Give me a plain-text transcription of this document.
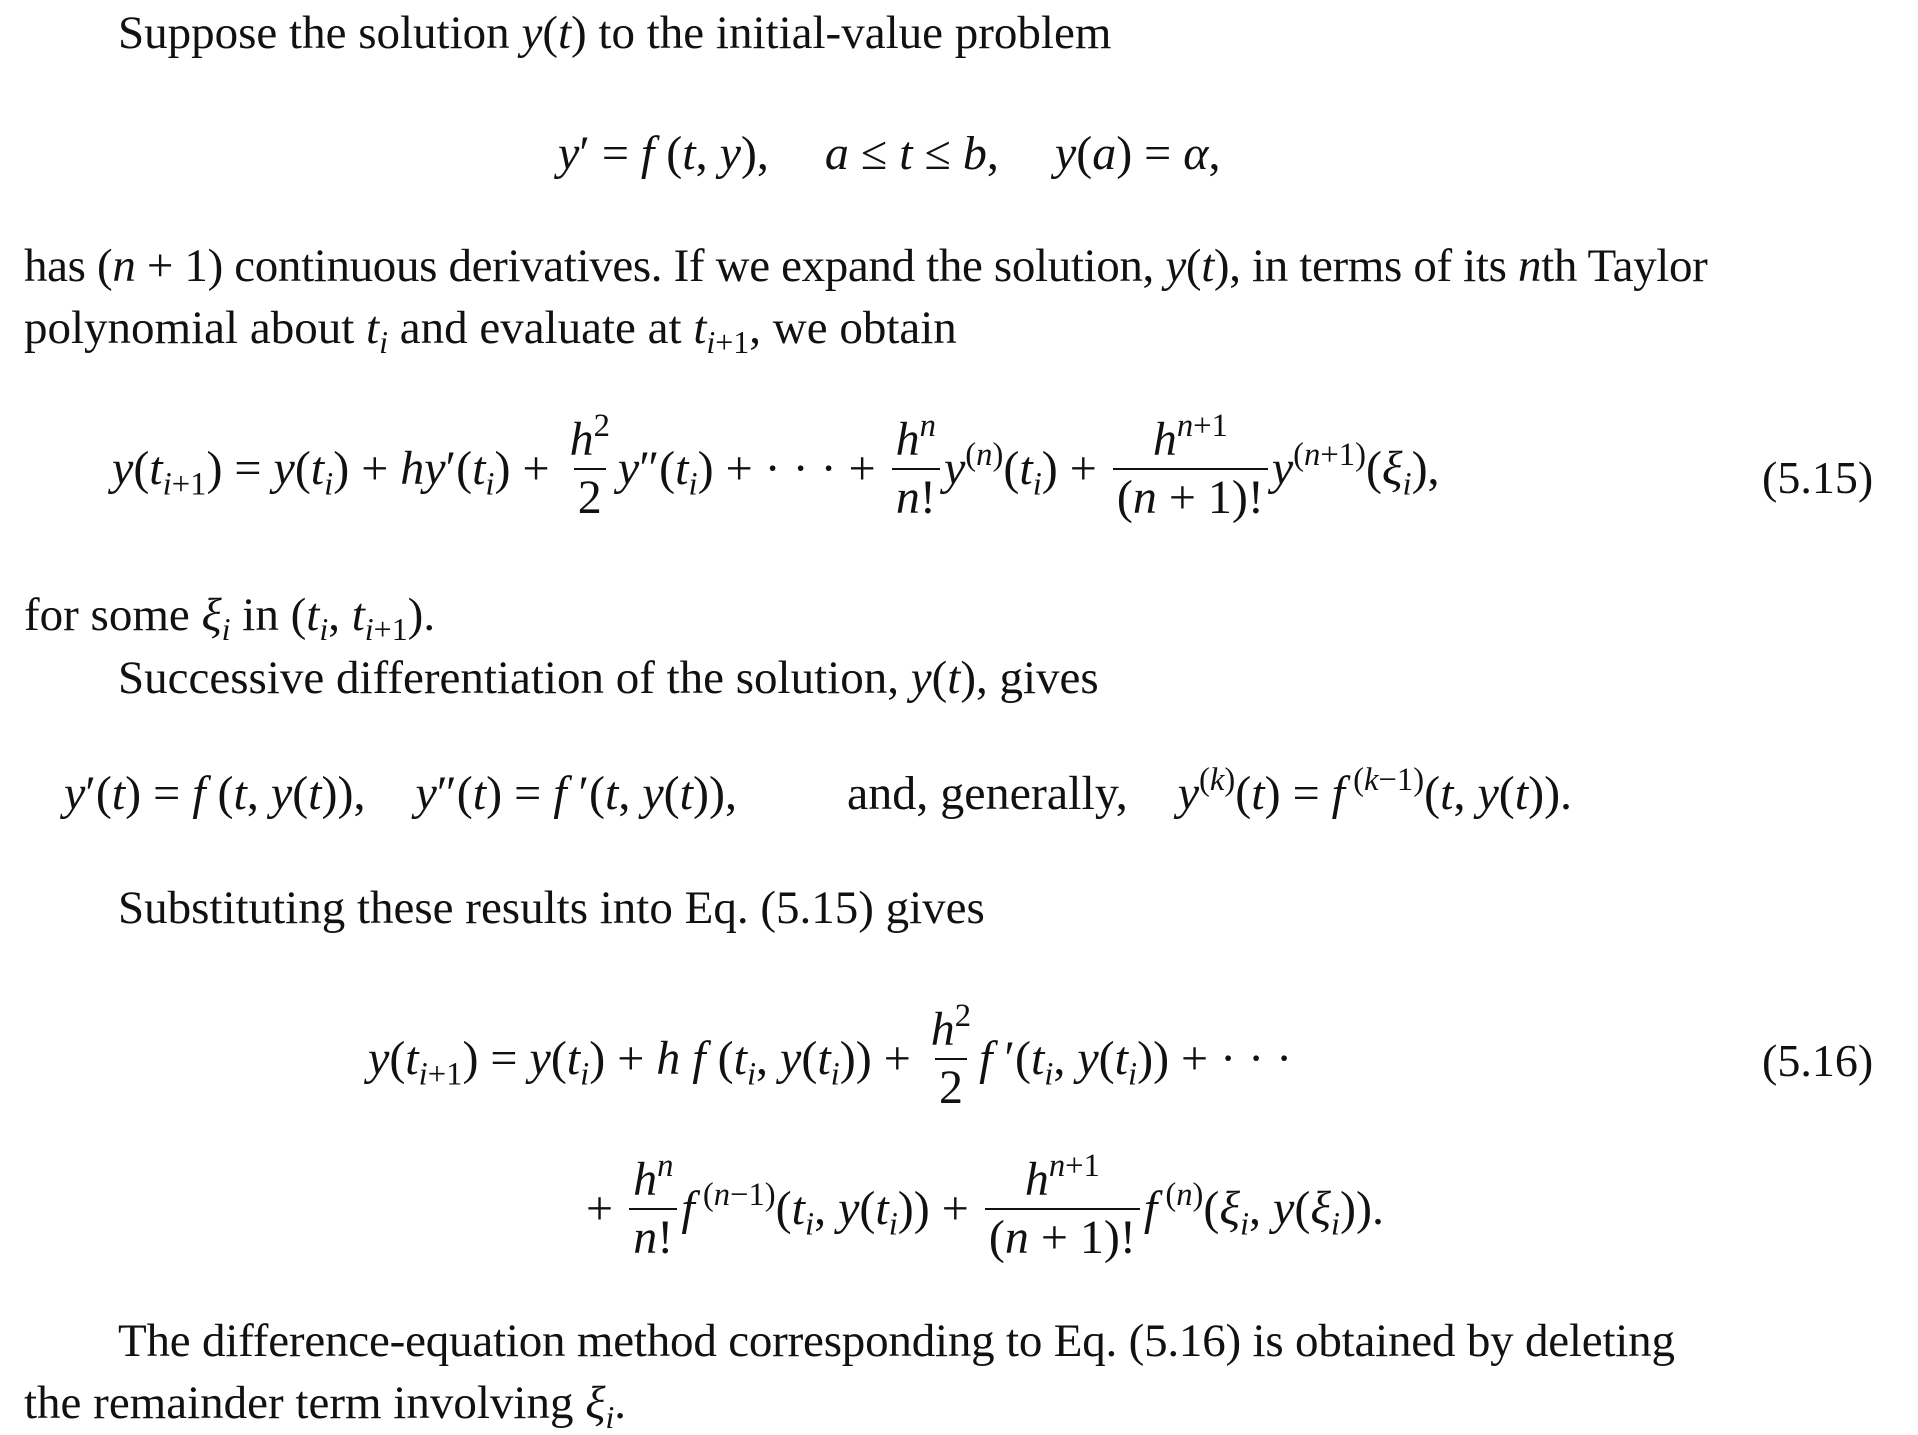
Suppose the solution y(t) to the initial-value problem
y′ = f (t, y), a ≤ t ≤ b, y(a) = α,
has (n + 1) continuous derivatives. If we expand the solution, y(t), in terms of its nth Taylor
polynomial about $t_i$ and evaluate at $t_{i+1}$, we obtain
$y(t_{i+1}) = y(t_i) + hy'(t_i) + \frac{h^2}{2} y''(t_i)$ + · · · + $\frac{h^n}{n!} y^{(n)}(t_i) + \frac{h^{n+1}}{(n + 1)!} y^{(n+1)}(\xi_i)$,	(5.15)
for some $\xi_i$ in ($t_i$, $t_{i+1}$).
Successive differentiation of the solution, y(t), gives
y′(t) = f (t, y(t)), y″(t) = f ′(t, y(t)), and, generally, $y^{(k)}(t) = f$ $^{(k-1)}$(t, y(t)).
Substituting these results into Eq. (5.15) gives
$y(t_{i+1}) = y(t_i) + h$ f ($t_i$, $y(t_i)) + \frac{h^2}{2}$ f $'(t_i$, $y(t_i)$) + · · ·	(5.16)
+ $\frac{h^n}{n!}$ f $^{(n-1)}(t_i$, $y(t_i)) + \frac{h^{n+1}}{(n + 1)!}$ f $^{(n)}(\xi_i$, $y(\xi_i)$).
The difference-equation method corresponding to Eq. (5.16) is obtained by deleting
the remainder term involving $\xi_i$.
